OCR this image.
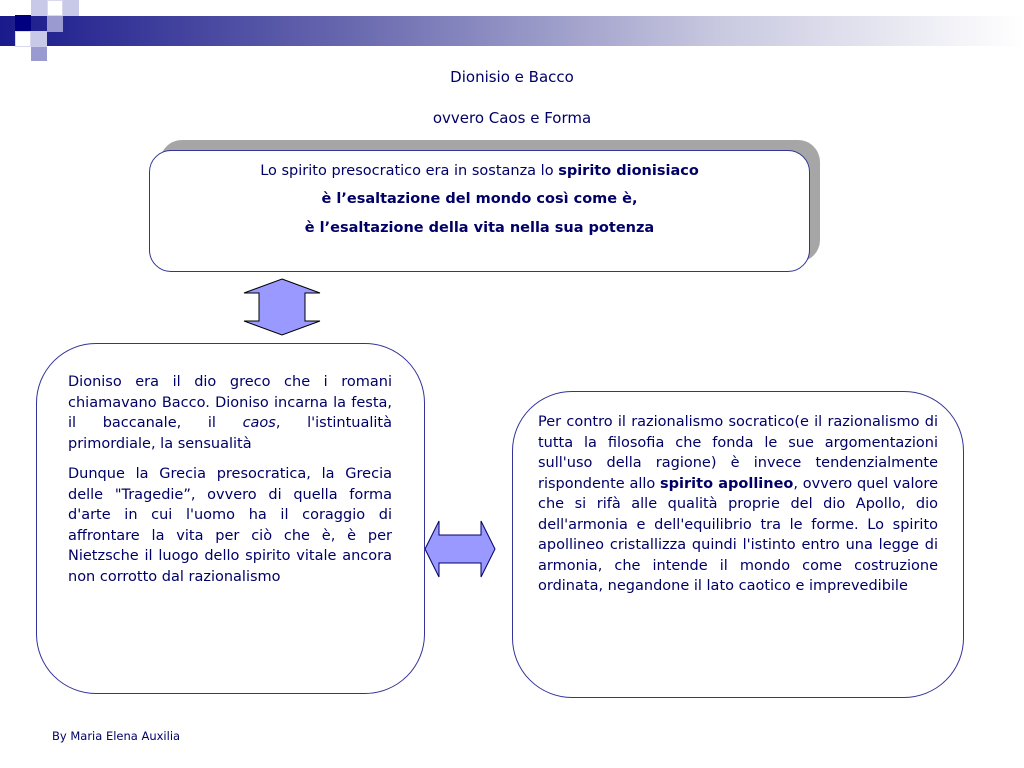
Dionisio e Bacco
ovvero Caos e Forma

Lo spirito presocratico era in sostanza lo spirito dionisiaco

è l’esaltazione del mondo così come è,

è l’esaltazione della vita nella sua potenza

Dioniso era il dio greco che i romani chiamavano Bacco. Dioniso incarna la festa, il baccanale, il caos, l'istintualità primordiale, la sensualità

Dunque la Grecia presocratica, la Grecia delle "Tragedie”, ovvero di quella forma d'arte in cui l'uomo ha il coraggio di affrontare la vita per ciò che è, è per Nietzsche il luogo dello spirito vitale ancora non corrotto dal razionalismo

Per contro il razionalismo socratico(e il razionalismo di tutta la filosofia che fonda le sue argomentazioni sull'uso della ragione) è invece tendenzialmente rispondente allo spirito apollineo, ovvero quel valore che si rifà alle qualità proprie del dio Apollo, dio dell'armonia e dell'equilibrio tra le forme. Lo spirito apollineo cristallizza quindi l'istinto entro una legge di armonia, che intende il mondo come costruzione ordinata, negandone il lato caotico e imprevedibile

By Maria Elena Auxilia
